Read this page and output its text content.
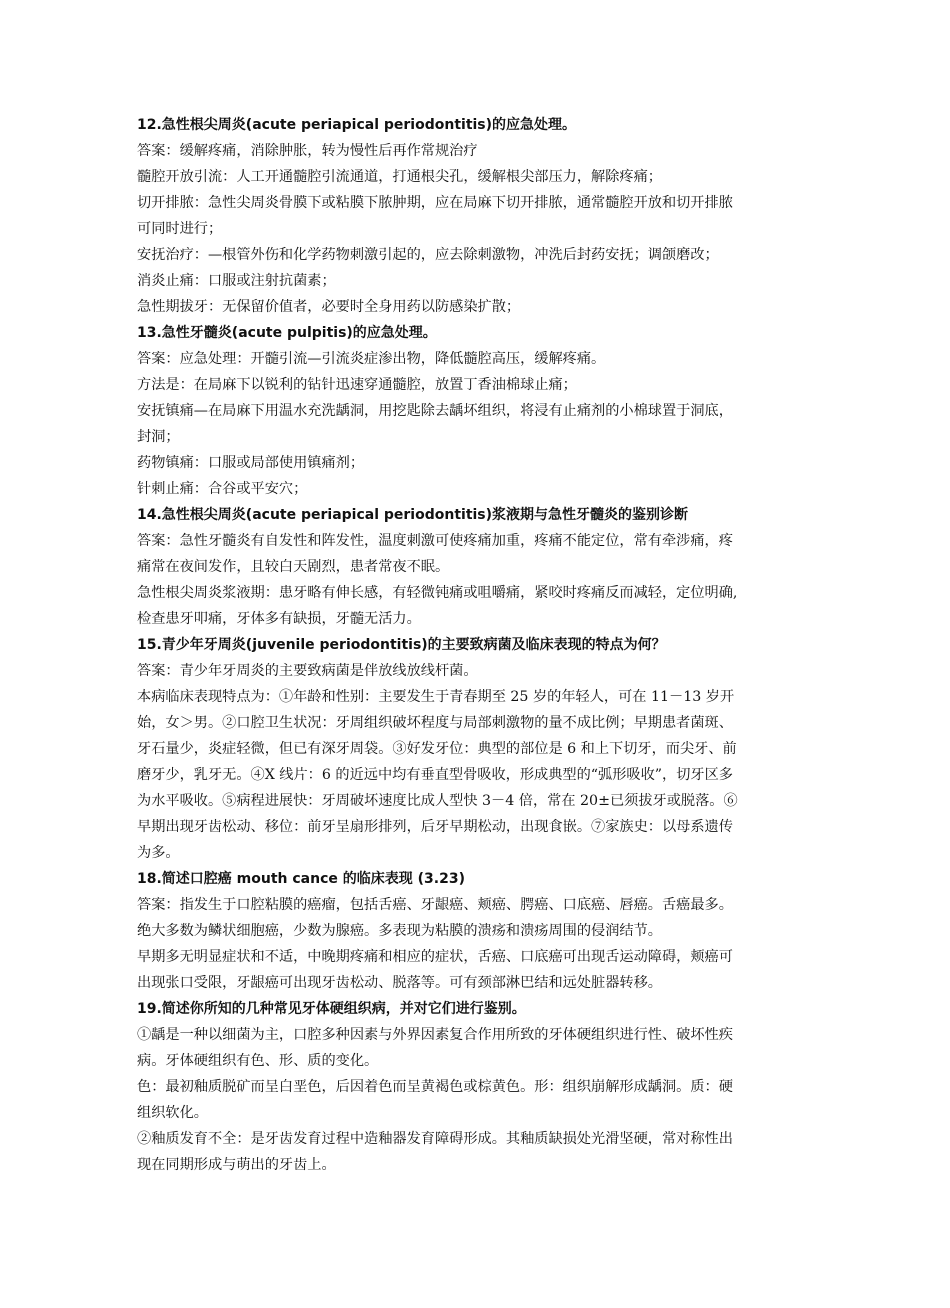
12.急性根尖周炎(acute periapical periodontitis)的应急处理。
答案：缓解疼痛，消除肿胀，转为慢性后再作常规治疗
髓腔开放引流：人工开通髓腔引流通道，打通根尖孔，缓解根尖部压力，解除疼痛；
切开排脓：急性尖周炎骨膜下或粘膜下脓肿期，应在局麻下切开排脓，通常髓腔开放和切开排脓
可同时进行；
安抚治疗：—根管外伤和化学药物刺激引起的，应去除刺激物，冲洗后封药安抚；调颌磨改；
消炎止痛：口服或注射抗菌素；
急性期拔牙：无保留价值者，必要时全身用药以防感染扩散；
13.急性牙髓炎(acute pulpitis)的应急处理。
答案：应急处理：开髓引流—引流炎症渗出物，降低髓腔高压，缓解疼痛。
方法是：在局麻下以锐利的钻针迅速穿通髓腔，放置丁香油棉球止痛；
安抚镇痛—在局麻下用温水充洗龋洞，用挖匙除去龋坏组织，将浸有止痛剂的小棉球置于洞底，
封洞；
药物镇痛：口服或局部使用镇痛剂；
针刺止痛：合谷或平安穴；
14.急性根尖周炎(acute periapical periodontitis)浆液期与急性牙髓炎的鉴别诊断
答案：急性牙髓炎有自发性和阵发性，温度刺激可使疼痛加重，疼痛不能定位，常有牵涉痛，疼
痛常在夜间发作，且较白天剧烈，患者常夜不眠。
急性根尖周炎浆液期：患牙略有伸长感，有轻微钝痛或咀嚼痛，紧咬时疼痛反而减轻，定位明确,
检查患牙叩痛，牙体多有缺损，牙髓无活力。
15.青少年牙周炎(juvenile periodontitis)的主要致病菌及临床表现的特点为何？
答案：青少年牙周炎的主要致病菌是伴放线放线杆菌。
本病临床表现特点为：①年龄和性别：主要发生于青春期至 25 岁的年轻人，可在 11－13 岁开
始，女＞男。②口腔卫生状况：牙周组织破坏程度与局部刺激物的量不成比例；早期患者菌斑、
牙石量少，炎症轻微，但已有深牙周袋。③好发牙位：典型的部位是 6 和上下切牙，而尖牙、前
磨牙少，乳牙无。④X 线片：6 的近远中均有垂直型骨吸收，形成典型的“弧形吸收”，切牙区多
为水平吸收。⑤病程进展快：牙周破坏速度比成人型快 3－4 倍，常在 20±已须拔牙或脱落。⑥
早期出现牙齿松动、移位：前牙呈扇形排列，后牙早期松动，出现食嵌。⑦家族史：以母系遗传
为多。
18.简述口腔癌 mouth cance 的临床表现 (3.23)
答案：指发生于口腔粘膜的癌瘤，包括舌癌、牙龈癌、颊癌、腭癌、口底癌、唇癌。舌癌最多。
绝大多数为鳞状细胞癌，少数为腺癌。多表现为粘膜的溃疡和溃疡周围的侵润结节。
早期多无明显症状和不适，中晚期疼痛和相应的症状，舌癌、口底癌可出现舌运动障碍，颊癌可
出现张口受限，牙龈癌可出现牙齿松动、脱落等。可有颈部淋巴结和远处脏器转移。
19.简述你所知的几种常见牙体硬组织病，并对它们进行鉴别。
①龋是一种以细菌为主，口腔多种因素与外界因素复合作用所致的牙体硬组织进行性、破坏性疾
病。牙体硬组织有色、形、质的变化。
色：最初釉质脱矿而呈白垩色，后因着色而呈黄褐色或棕黄色。形：组织崩解形成龋洞。质：硬
组织软化。
②釉质发育不全：是牙齿发育过程中造釉器发育障碍形成。其釉质缺损处光滑坚硬，常对称性出
现在同期形成与萌出的牙齿上。
